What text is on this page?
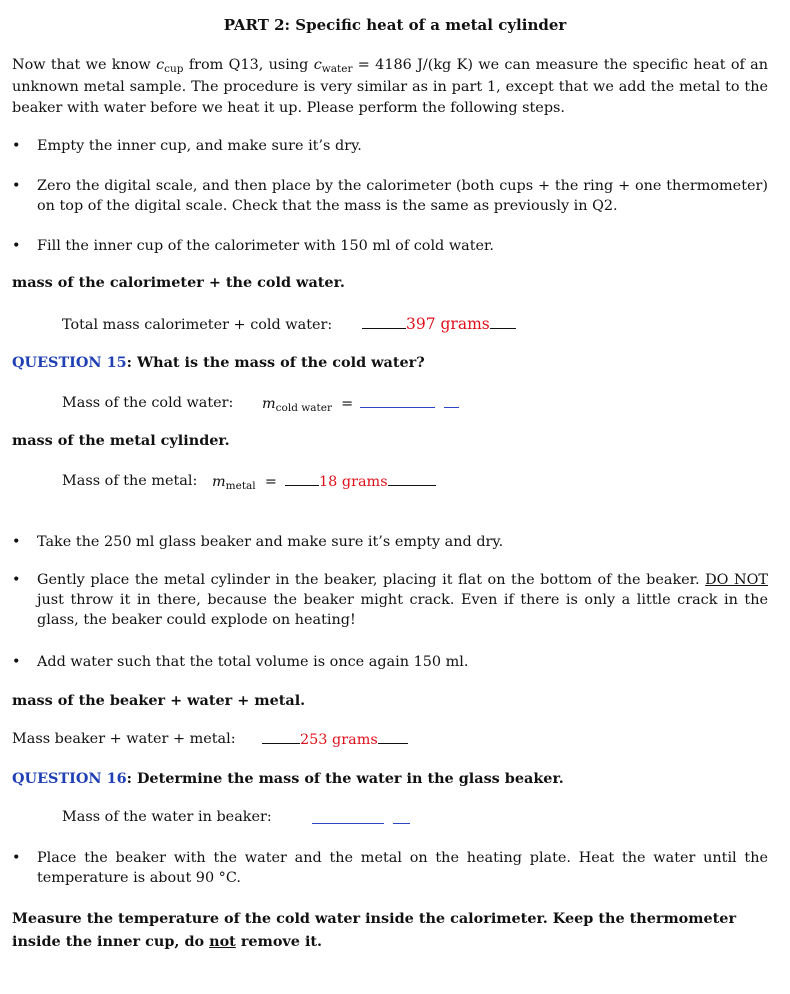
PART 2: Specific heat of a metal cylinder
Now that we know $c_{cup}$ from Q13, using $c_{water} = 4186$ J/(kg K) we can measure the specific heat of an unknown metal sample. The procedure is very similar as in part 1, except that we add the metal to the beaker with water before we heat it up. Please perform the following steps.
• Empty the inner cup, and make sure it’s dry.
• Zero the digital scale, and then place by the calorimeter (both cups + the ring + one thermometer) on top of the digital scale. Check that the mass is the same as previously in Q2.
• Fill the inner cup of the calorimeter with 150 ml of cold water.
mass of the calorimeter + the cold water.
Total mass calorimeter + cold water:	397 grams
QUESTION 15: What is the mass of the cold water?
Mass of the cold water: $m_{cold water}$ =
mass of the metal cylinder.
Mass of the metal: $m_{metal}$ =	18 grams
• Take the 250 ml glass beaker and make sure it’s empty and dry.
• Gently place the metal cylinder in the beaker, placing it flat on the bottom of the beaker. DO NOT just throw it in there, because the beaker might crack. Even if there is only a little crack in the glass, the beaker could explode on heating!
• Add water such that the total volume is once again 150 ml.
mass of the beaker + water + metal.
Mass beaker + water + metal:	253 grams
QUESTION 16: Determine the mass of the water in the glass beaker.
Mass of the water in beaker:
• Place the beaker with the water and the metal on the heating plate. Heat the water until the temperature is about 90 °C.
Measure the temperature of the cold water inside the calorimeter. Keep the thermometer inside the inner cup, do not remove it.
